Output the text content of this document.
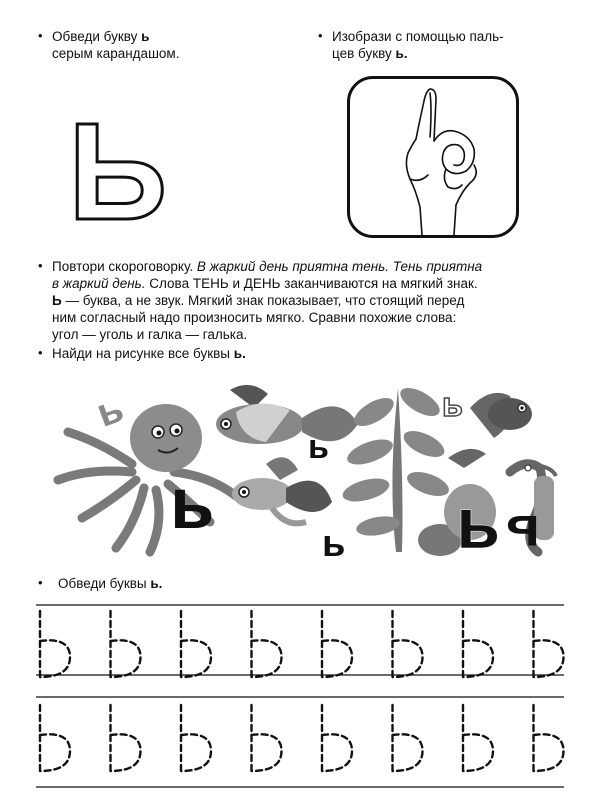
• Обведи букву ь
серым карандашом.
Ь
• Изобрази с помощью паль-
цев букву ь.
• Повтори скороговорку. В жаркий день приятна тень. Тень приятна
в жаркий день. Слова ТЕНЬ и ДЕНЬ заканчиваются на мягкий знак.
Ь — буква, а не звук. Мягкий знак показывает, что стоящий перед
ним согласный надо произносить мягко. Сравни похожие слова:
угол — уголь и галка — галька.
• Найди на рисунке все буквы ь.
ь
ь
ь
ь
ь
ь ь
• Обведи буквы ь.
